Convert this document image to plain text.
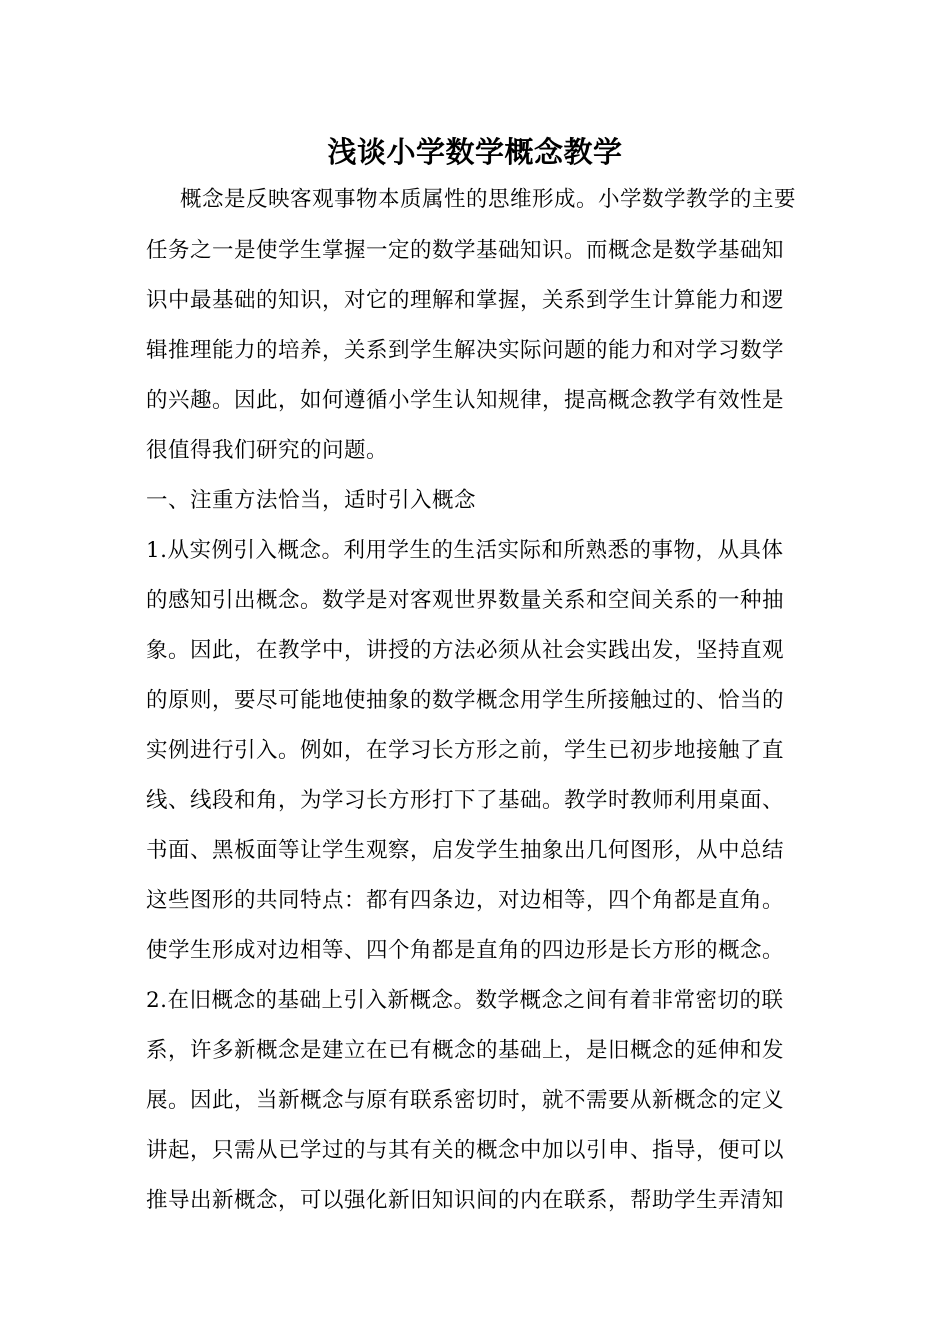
浅谈小学数学概念教学
概念是反映客观事物本质属性的思维形成。小学数学教学的主要
任务之一是使学生掌握一定的数学基础知识。而概念是数学基础知
识中最基础的知识，对它的理解和掌握，关系到学生计算能力和逻
辑推理能力的培养，关系到学生解决实际问题的能力和对学习数学
的兴趣。因此，如何遵循小学生认知规律，提高概念教学有效性是
很值得我们研究的问题。
一、注重方法恰当，适时引入概念
1.从实例引入概念。利用学生的生活实际和所熟悉的事物，从具体
的感知引出概念。数学是对客观世界数量关系和空间关系的一种抽
象。因此，在教学中，讲授的方法必须从社会实践出发，坚持直观
的原则，要尽可能地使抽象的数学概念用学生所接触过的、恰当的
实例进行引入。例如，在学习长方形之前，学生已初步地接触了直
线、线段和角，为学习长方形打下了基础。教学时教师利用桌面、
书面、黑板面等让学生观察，启发学生抽象出几何图形，从中总结
这些图形的共同特点：都有四条边，对边相等，四个角都是直角。
使学生形成对边相等、四个角都是直角的四边形是长方形的概念。
2.在旧概念的基础上引入新概念。数学概念之间有着非常密切的联
系，许多新概念是建立在已有概念的基础上，是旧概念的延伸和发
展。因此，当新概念与原有联系密切时，就不需要从新概念的定义
讲起，只需从已学过的与其有关的概念中加以引申、指导，便可以
推导出新概念，可以强化新旧知识间的内在联系，帮助学生弄清知
